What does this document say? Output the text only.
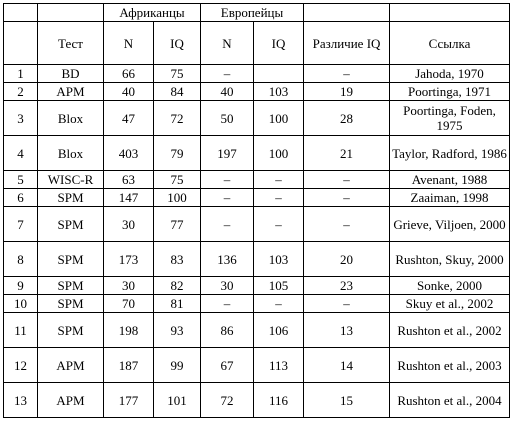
		Африканцы		Европейцы			
	Тест	N	IQ	N	IQ	Различие IQ	Ссылка
1	BD	66	75	–		–	Jahoda, 1970
2	APM	40	84	40	103	19	Poortinga, 1971
3	Blox	47	72	50	100	28	Poortinga, Foden, 1975
4	Blox	403	79	197	100	21	Taylor, Radford, 1986
5	WISC-R	63	75	–	–	–	Avenant, 1988
6	SPM	147	100	–	–	–	Zaaiman, 1998
7	SPM	30	77	–	–	–	Grieve, Viljoen, 2000
8	SPM	173	83	136	103	20	Rushton, Skuy, 2000
9	SPM	30	82	30	105	23	Sonke, 2000
10	SPM	70	81	–	–	–	Skuy et al., 2002
11	SPM	198	93	86	106	13	Rushton et al., 2002
12	APM	187	99	67	113	14	Rushton et al., 2003
13	APM	177	101	72	116	15	Rushton et al., 2004
